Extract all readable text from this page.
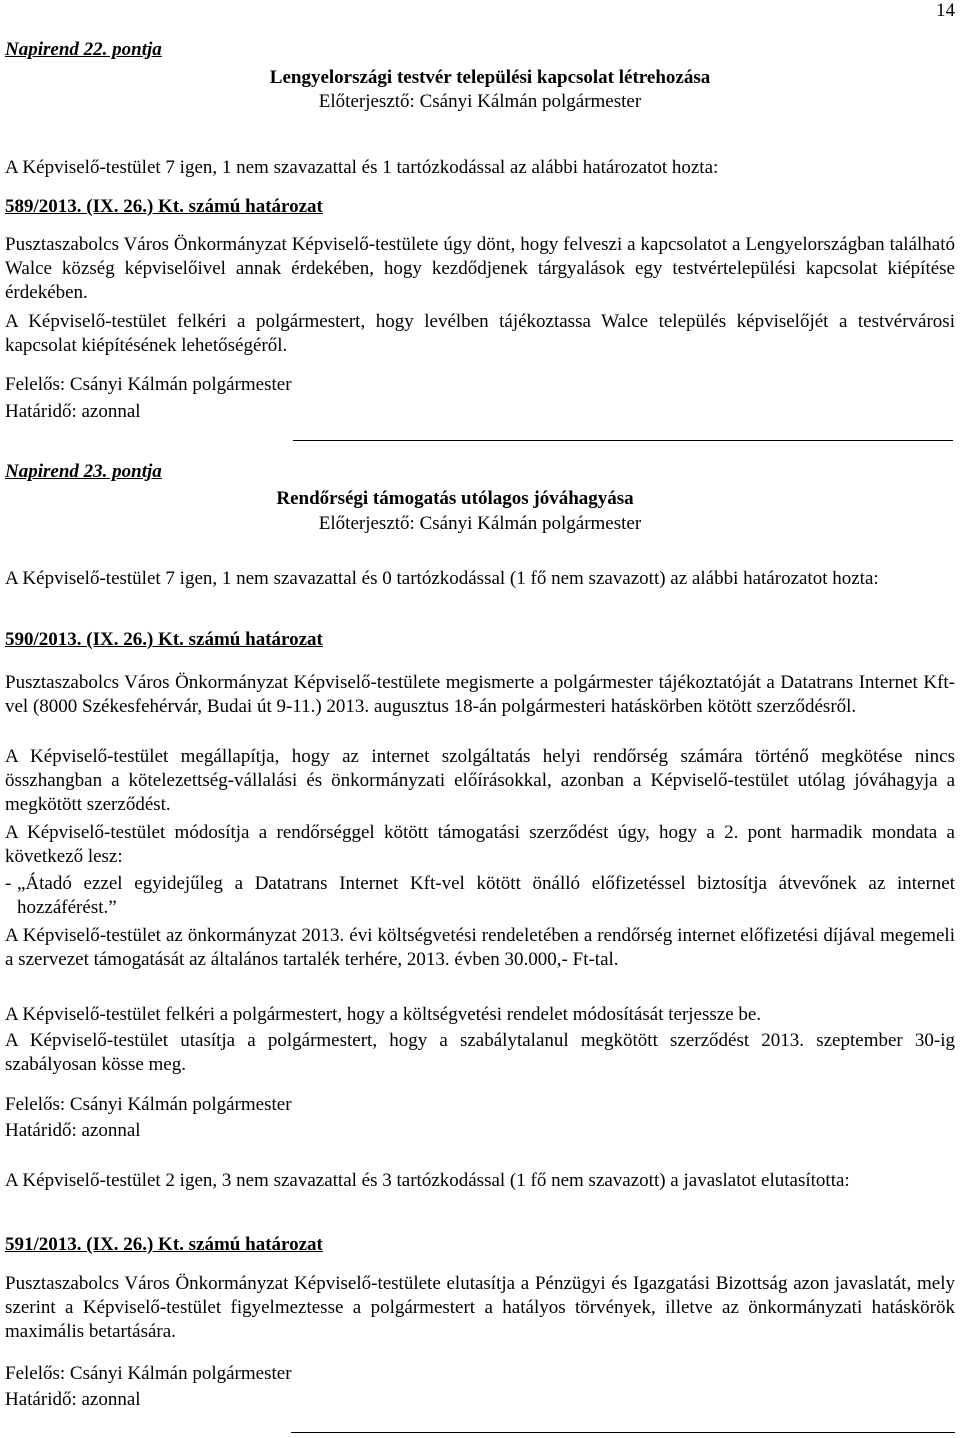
14
Napirend 22. pontja
Lengyelországi testvér települési kapcsolat létrehozása
Előterjesztő: Csányi Kálmán polgármester

A Képviselő-testület 7 igen, 1 nem szavazattal és 1 tartózkodással az alábbi határozatot hozta:

589/2013. (IX. 26.) Kt. számú határozat

Pusztaszabolcs Város Önkormányzat Képviselő-testülete úgy dönt, hogy felveszi a kapcsolatot a Lengyelországban található Walce község képviselőivel annak érdekében, hogy kezdődjenek tárgyalások egy testvértelepülési kapcsolat kiépítése érdekében.

A Képviselő-testület felkéri a polgármestert, hogy levélben tájékoztassa Walce település képviselőjét a testvérvárosi kapcsolat kiépítésének lehetőségéről.

Felelős: Csányi Kálmán polgármester
Határidő: azonnal
Napirend 23. pontja
Rendőrségi támogatás utólagos jóváhagyása
Előterjesztő: Csányi Kálmán polgármester

A Képviselő-testület 7 igen, 1 nem szavazattal és 0 tartózkodással (1 fő nem szavazott) az alábbi határozatot hozta:

590/2013. (IX. 26.) Kt. számú határozat

Pusztaszabolcs Város Önkormányzat Képviselő-testülete megismerte a polgármester tájékoztatóját a Datatrans Internet Kft-vel (8000 Székesfehérvár, Budai út 9-11.) 2013. augusztus 18-án polgármesteri hatáskörben kötött szerződésről.

A Képviselő-testület megállapítja, hogy az internet szolgáltatás helyi rendőrség számára történő megkötése nincs összhangban a kötelezettség-vállalási és önkormányzati előírásokkal, azonban a Képviselő-testület utólag jóváhagyja a megkötött szerződést.

A Képviselő-testület módosítja a rendőrséggel kötött támogatási szerződést úgy, hogy a 2. pont harmadik mondata a következő lesz:

- „Átadó ezzel egyidejűleg a Datatrans Internet Kft-vel kötött önálló előfizetéssel biztosítja átvevőnek az internet hozzáférést.”

A Képviselő-testület az önkormányzat 2013. évi költségvetési rendeletében a rendőrség internet előfizetési díjával megemeli a szervezet támogatását az általános tartalék terhére, 2013. évben 30.000,- Ft-tal.

A Képviselő-testület felkéri a polgármestert, hogy a költségvetési rendelet módosítását terjessze be.

A Képviselő-testület utasítja a polgármestert, hogy a szabálytalanul megkötött szerződést 2013. szeptember 30-ig szabályosan kösse meg.

Felelős: Csányi Kálmán polgármester
Határidő: azonnal

A Képviselő-testület 2 igen, 3 nem szavazattal és 3 tartózkodással (1 fő nem szavazott) a javaslatot elutasította:

591/2013. (IX. 26.) Kt. számú határozat

Pusztaszabolcs Város Önkormányzat Képviselő-testülete elutasítja a Pénzügyi és Igazgatási Bizottság azon javaslatát, mely szerint a Képviselő-testület figyelmeztesse a polgármestert a hatályos törvények, illetve az önkormányzati hatáskörök maximális betartására.

Felelős: Csányi Kálmán polgármester
Határidő: azonnal
